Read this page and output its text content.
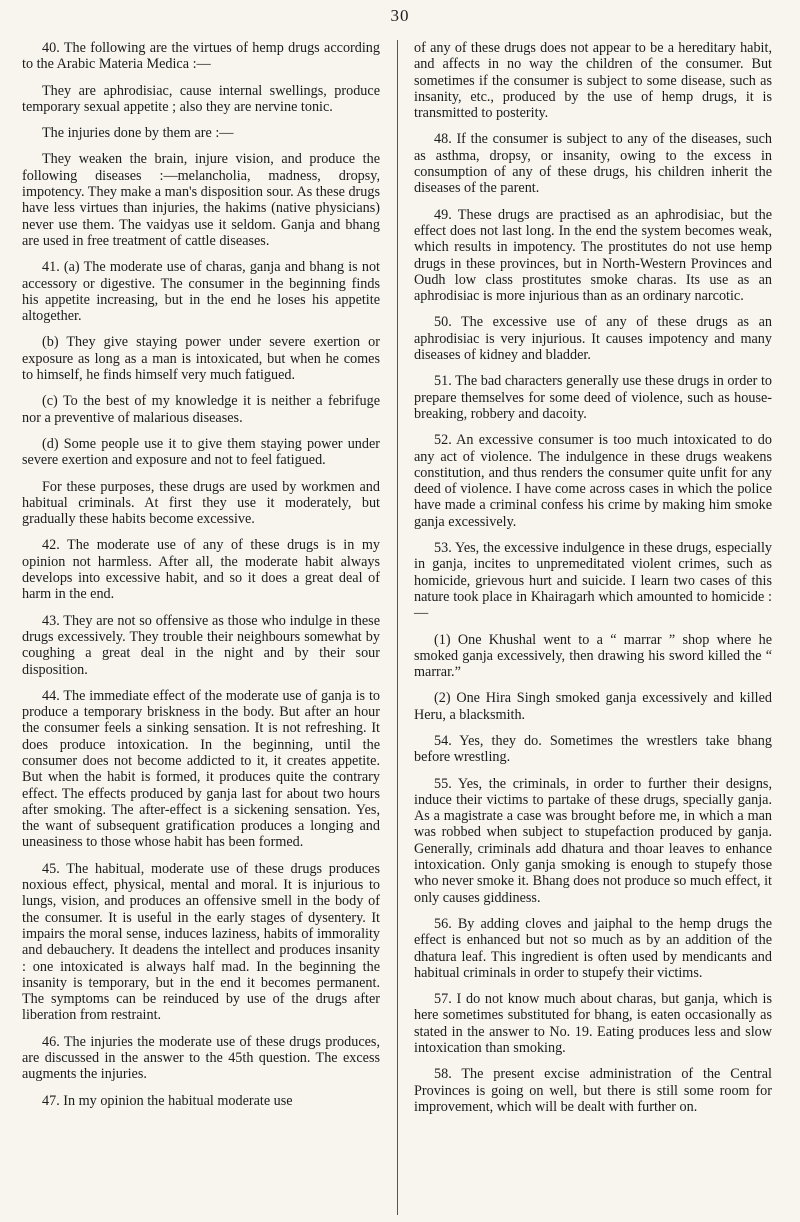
30

40. The following are the virtues of hemp drugs according to the Arabic Materia Medica :—

They are aphrodisiac, cause internal swellings, produce temporary sexual appetite ; also they are nervine tonic.

The injuries done by them are :—

They weaken the brain, injure vision, and produce the following diseases :—melancholia, madness, dropsy, impotency. They make a man's disposition sour. As these drugs have less virtues than injuries, the hakims (native physicians) never use them. The vaidyas use it seldom. Ganja and bhang are used in free treatment of cattle diseases.

41. (a) The moderate use of charas, ganja and bhang is not accessory or digestive. The consumer in the beginning finds his appetite increasing, but in the end he loses his appetite altogether.

(b) They give staying power under severe exertion or exposure as long as a man is intoxicated, but when he comes to himself, he finds himself very much fatigued.

(c) To the best of my knowledge it is neither a febrifuge nor a preventive of malarious diseases.

(d) Some people use it to give them staying power under severe exertion and exposure and not to feel fatigued.

For these purposes, these drugs are used by workmen and habitual criminals. At first they use it moderately, but gradually these habits become excessive.

42. The moderate use of any of these drugs is in my opinion not harmless. After all, the moderate habit always develops into excessive habit, and so it does a great deal of harm in the end.

43. They are not so offensive as those who indulge in these drugs excessively. They trouble their neighbours somewhat by coughing a great deal in the night and by their sour disposition.

44. The immediate effect of the moderate use of ganja is to produce a temporary briskness in the body. But after an hour the consumer feels a sinking sensation. It is not refreshing. It does produce intoxication. In the beginning, until the consumer does not become addicted to it, it creates appetite. But when the habit is formed, it produces quite the contrary effect. The effects produced by ganja last for about two hours after smoking. The after-effect is a sickening sensation. Yes, the want of subsequent gratification produces a longing and uneasiness to those whose habit has been formed.

45. The habitual, moderate use of these drugs produces noxious effect, physical, mental and moral. It is injurious to lungs, vision, and produces an offensive smell in the body of the consumer. It is useful in the early stages of dysentery. It impairs the moral sense, induces laziness, habits of immorality and debauchery. It deadens the intellect and produces insanity : one intoxicated is always half mad. In the beginning the insanity is temporary, but in the end it becomes permanent. The symptoms can be reinduced by use of the drugs after liberation from restraint.

46. The injuries the moderate use of these drugs produces, are discussed in the answer to the 45th question. The excess augments the injuries.

47. In my opinion the habitual moderate use

of any of these drugs does not appear to be a hereditary habit, and affects in no way the children of the consumer. But sometimes if the consumer is subject to some disease, such as insanity, etc., produced by the use of hemp drugs, it is transmitted to posterity.

48. If the consumer is subject to any of the diseases, such as asthma, dropsy, or insanity, owing to the excess in consumption of any of these drugs, his children inherit the diseases of the parent.

49. These drugs are practised as an aphrodisiac, but the effect does not last long. In the end the system becomes weak, which results in impotency. The prostitutes do not use hemp drugs in these provinces, but in North-Western Provinces and Oudh low class prostitutes smoke charas. Its use as an aphrodisiac is more injurious than as an ordinary narcotic.

50. The excessive use of any of these drugs as an aphrodisiac is very injurious. It causes impotency and many diseases of kidney and bladder.

51. The bad characters generally use these drugs in order to prepare themselves for some deed of violence, such as house-breaking, robbery and dacoity.

52. An excessive consumer is too much intoxicated to do any act of violence. The indulgence in these drugs weakens constitution, and thus renders the consumer quite unfit for any deed of violence. I have come across cases in which the police have made a criminal confess his crime by making him smoke ganja excessively.

53. Yes, the excessive indulgence in these drugs, especially in ganja, incites to unpremeditated violent crimes, such as homicide, grievous hurt and suicide. I learn two cases of this nature took place in Khairagarh which amounted to homicide : —

(1) One Khushal went to a “ marrar ” shop where he smoked ganja excessively, then drawing his sword killed the “ marrar.”

(2) One Hira Singh smoked ganja excessively and killed Heru, a blacksmith.

54. Yes, they do. Sometimes the wrestlers take bhang before wrestling.

55. Yes, the criminals, in order to further their designs, induce their victims to partake of these drugs, specially ganja. As a magistrate a case was brought before me, in which a man was robbed when subject to stupefaction produced by ganja. Generally, criminals add dhatura and thoar leaves to enhance intoxication. Only ganja smoking is enough to stupefy those who never smoke it. Bhang does not produce so much effect, it only causes giddiness.

56. By adding cloves and jaiphal to the hemp drugs the effect is enhanced but not so much as by an addition of the dhatura leaf. This ingredient is often used by mendicants and habitual criminals in order to stupefy their victims.

57. I do not know much about charas, but ganja, which is here sometimes substituted for bhang, is eaten occasionally as stated in the answer to No. 19. Eating produces less and slow intoxication than smoking.

58. The present excise administration of the Central Provinces is going on well, but there is still some room for improvement, which will be dealt with further on.
